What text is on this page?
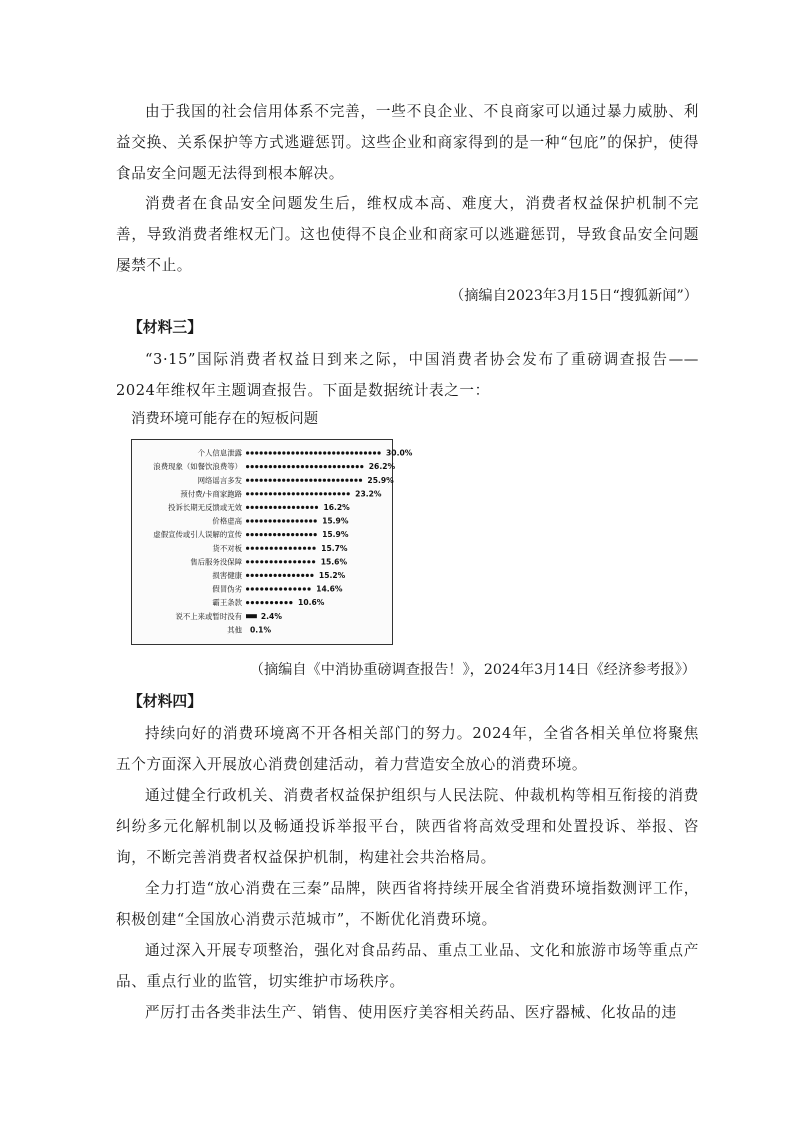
由于我国的社会信用体系不完善，一些不良企业、不良商家可以通过暴力威胁、利益交换、关系保护等方式逃避惩罚。这些企业和商家得到的是一种“包庇”的保护，使得食品安全问题无法得到根本解决。

消费者在食品安全问题发生后，维权成本高、难度大，消费者权益保护机制不完善，导致消费者维权无门。这也使得不良企业和商家可以逃避惩罚，导致食品安全问题屡禁不止。

（摘编自2023年3月15日“搜狐新闻”）

【材料三】

“3·15”国际消费者权益日到来之际，中国消费者协会发布了重磅调查报告——2024年维权年主题调查报告。下面是数据统计表之一：

消费环境可能存在的短板问题

个人信息泄露	30.0%
浪费现象（如餐饮浪费等）	26.2%
网络谣言多发	25.9%
预付费/卡商家跑路	23.2%
投诉长期无反馈或无效	16.2%
价格虚高	15.9%
虚假宣传或引人误解的宣传	15.9%
货不对板	15.7%
售后服务没保障	15.6%
损害健康	15.2%
假冒伪劣	14.6%
霸王条款	10.6%
说不上来或暂时没有 2.4%
其他 0.1%

（摘编自《中消协重磅调查报告！》，2024年3月14日《经济参考报》）

【材料四】

持续向好的消费环境离不开各相关部门的努力。2024年，全省各相关单位将聚焦五个方面深入开展放心消费创建活动，着力营造安全放心的消费环境。

通过健全行政机关、消费者权益保护组织与人民法院、仲裁机构等相互衔接的消费纠纷多元化解机制以及畅通投诉举报平台，陕西省将高效受理和处置投诉、举报、咨询，不断完善消费者权益保护机制，构建社会共治格局。

全力打造“放心消费在三秦”品牌，陕西省将持续开展全省消费环境指数测评工作，积极创建“全国放心消费示范城市”，不断优化消费环境。

通过深入开展专项整治，强化对食品药品、重点工业品、文化和旅游市场等重点产品、重点行业的监管，切实维护市场秩序。

严厉打击各类非法生产、销售、使用医疗美容相关药品、医疗器械、化妆品的违
